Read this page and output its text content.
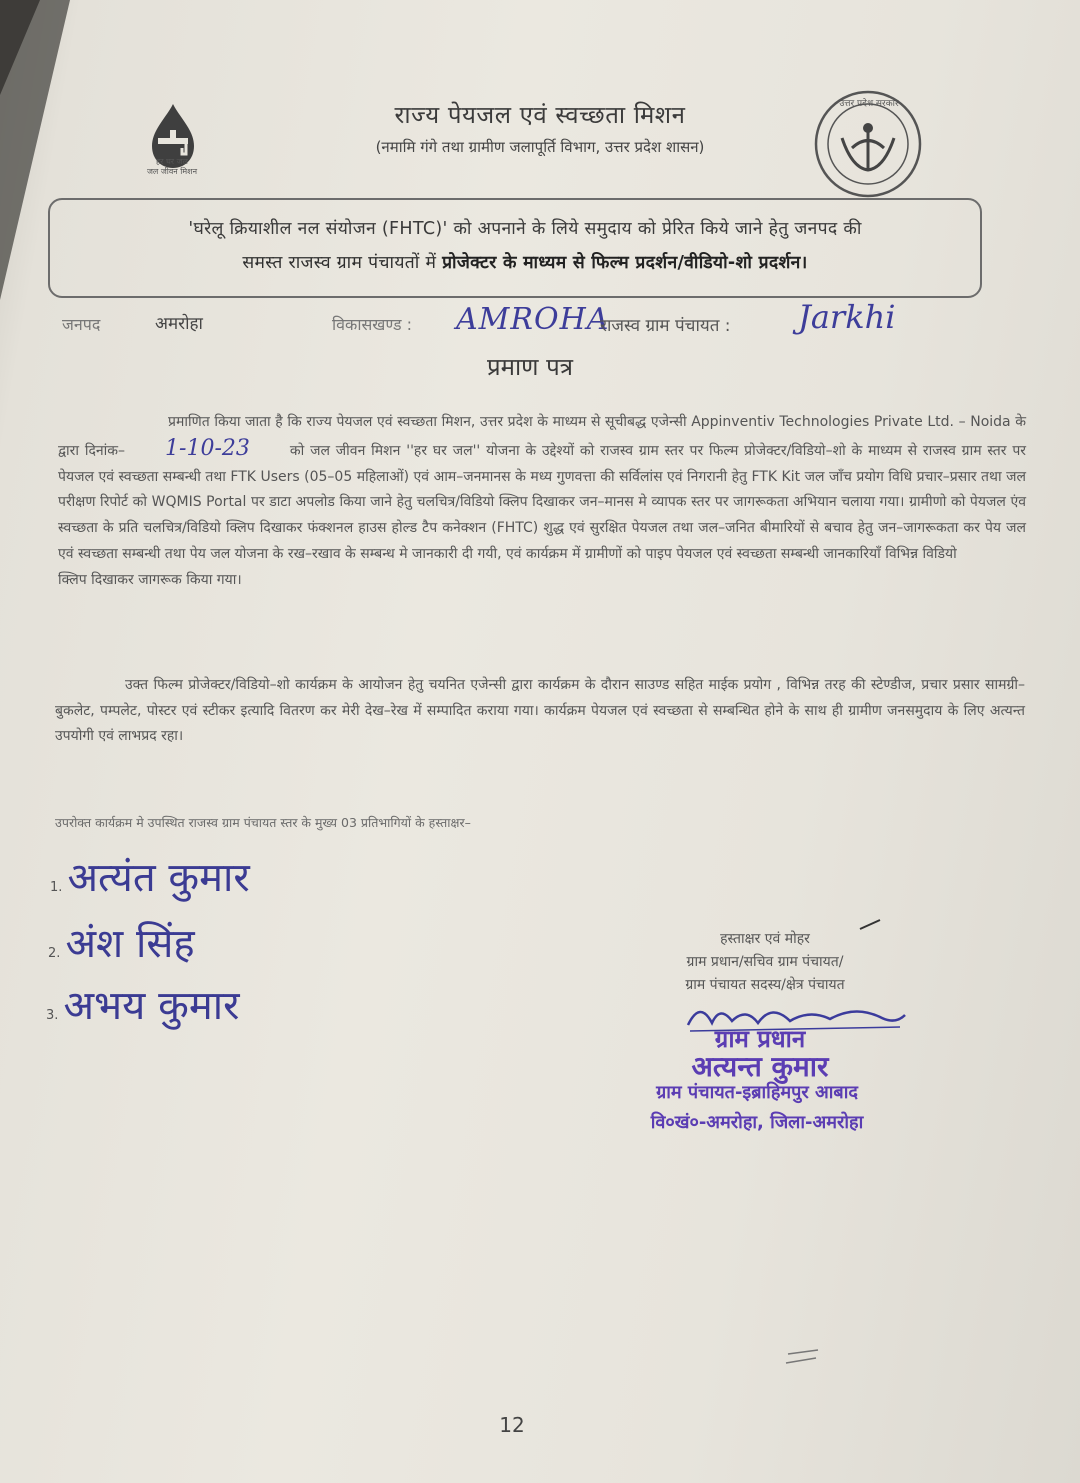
हर घर जल
जल जीवन मिशन
राज्य पेयजल एवं स्वच्छता मिशन
(नमामि गंगे तथा ग्रामीण जलापूर्ति विभाग, उत्तर प्रदेश शासन)
उत्तर प्रदेश सरकार
'घरेलू क्रियाशील नल संयोजन (FHTC)' को अपनाने के लिये समुदाय को प्रेरित किये जाने हेतु जनपद की
समस्त राजस्व ग्राम पंचायतों में प्रोजेक्टर के माध्यम से फिल्म प्रदर्शन/वीडियो-शो प्रदर्शन।
जनपद	अमरोहा	विकासखण्ड : AMROHA
राजस्व ग्राम पंचायत : Jarkhi
प्रमाण पत्र
प्रमाणित किया जाता है कि राज्य पेयजल एवं स्वच्छता मिशन, उत्तर प्रदेश के माध्यम से सूचीबद्ध एजेन्सी Appinventiv Technologies Private Ltd. – Noida के द्वारा दिनांक– 1-10-23	को जल जीवन मिशन ''हर घर जल'' योजना के उद्देश्यों को राजस्व ग्राम स्तर पर फिल्म प्रोजेक्टर/विडियो–शो के माध्यम से राजस्व ग्राम स्तर पर पेयजल एवं स्वच्छता सम्बन्धी तथा FTK Users (05–05 महिलाओं) एवं आम–जनमानस के मध्य गुणवत्ता की सर्विलांस एवं निगरानी हेतु FTK Kit जल जाँच प्रयोग विधि प्रचार–प्रसार तथा जल परीक्षण रिपोर्ट को WQMIS Portal पर डाटा अपलोड किया जाने हेतु चलचित्र/विडियो क्लिप दिखाकर जन–मानस मे व्यापक स्तर पर जागरूकता अभियान चलाया गया। ग्रामीणो को पेयजल एंव स्वच्छता के प्रति चलचित्र/विडियो क्लिप दिखाकर फंक्शनल हाउस होल्ड टैप कनेक्शन (FHTC) शुद्ध एवं सुरक्षित पेयजल तथा जल–जनित बीमारियों से बचाव हेतु जन–जागरूकता कर पेय जल एवं स्वच्छता सम्बन्धी तथा पेय जल योजना के रख–रखाव के सम्बन्ध मे जानकारी दी गयी, एवं कार्यक्रम में ग्रामीणों को पाइप पेयजल एवं स्वच्छता सम्बन्धी जानकारियॉं विभिन्न विडियो
क्लिप दिखाकर जागरूक किया गया।
उक्त फिल्म प्रोजेक्टर/विडियो–शो कार्यक्रम के आयोजन हेतु चयनित एजेन्सी द्वारा कार्यक्रम के दौरान साउण्ड सहित माईक प्रयोग , विभिन्न तरह की स्टेण्डीज, प्रचार प्रसार सामग्री–बुकलेट, पम्पलेट, पोस्टर एवं स्टीकर इत्यादि वितरण कर मेरी देख–रेख में सम्पादित कराया गया। कार्यक्रम पेयजल एवं स्वच्छता से सम्बन्धित होने के साथ ही ग्रामीण जनसमुदाय के लिए अत्यन्त उपयोगी एवं लाभप्रद रहा।
उपरोक्त कार्यक्रम मे उपस्थित राजस्व ग्राम पंचायत स्तर के मुख्य 03 प्रतिभागियों के हस्ताक्षर–
1. अत्यंत कुमार
2. अंश सिंह
3. अभय कुमार
हस्ताक्षर एवं मोहर
ग्राम प्रधान/सचिव ग्राम पंचायत/
ग्राम पंचायत सदस्य/क्षेत्र पंचायत
ग्राम प्रधान
अत्यन्त कुमार
ग्राम पंचायत-इब्राहिमपुर आबाद
वि०खं०-अमरोहा, जिला-अमरोहा
12
